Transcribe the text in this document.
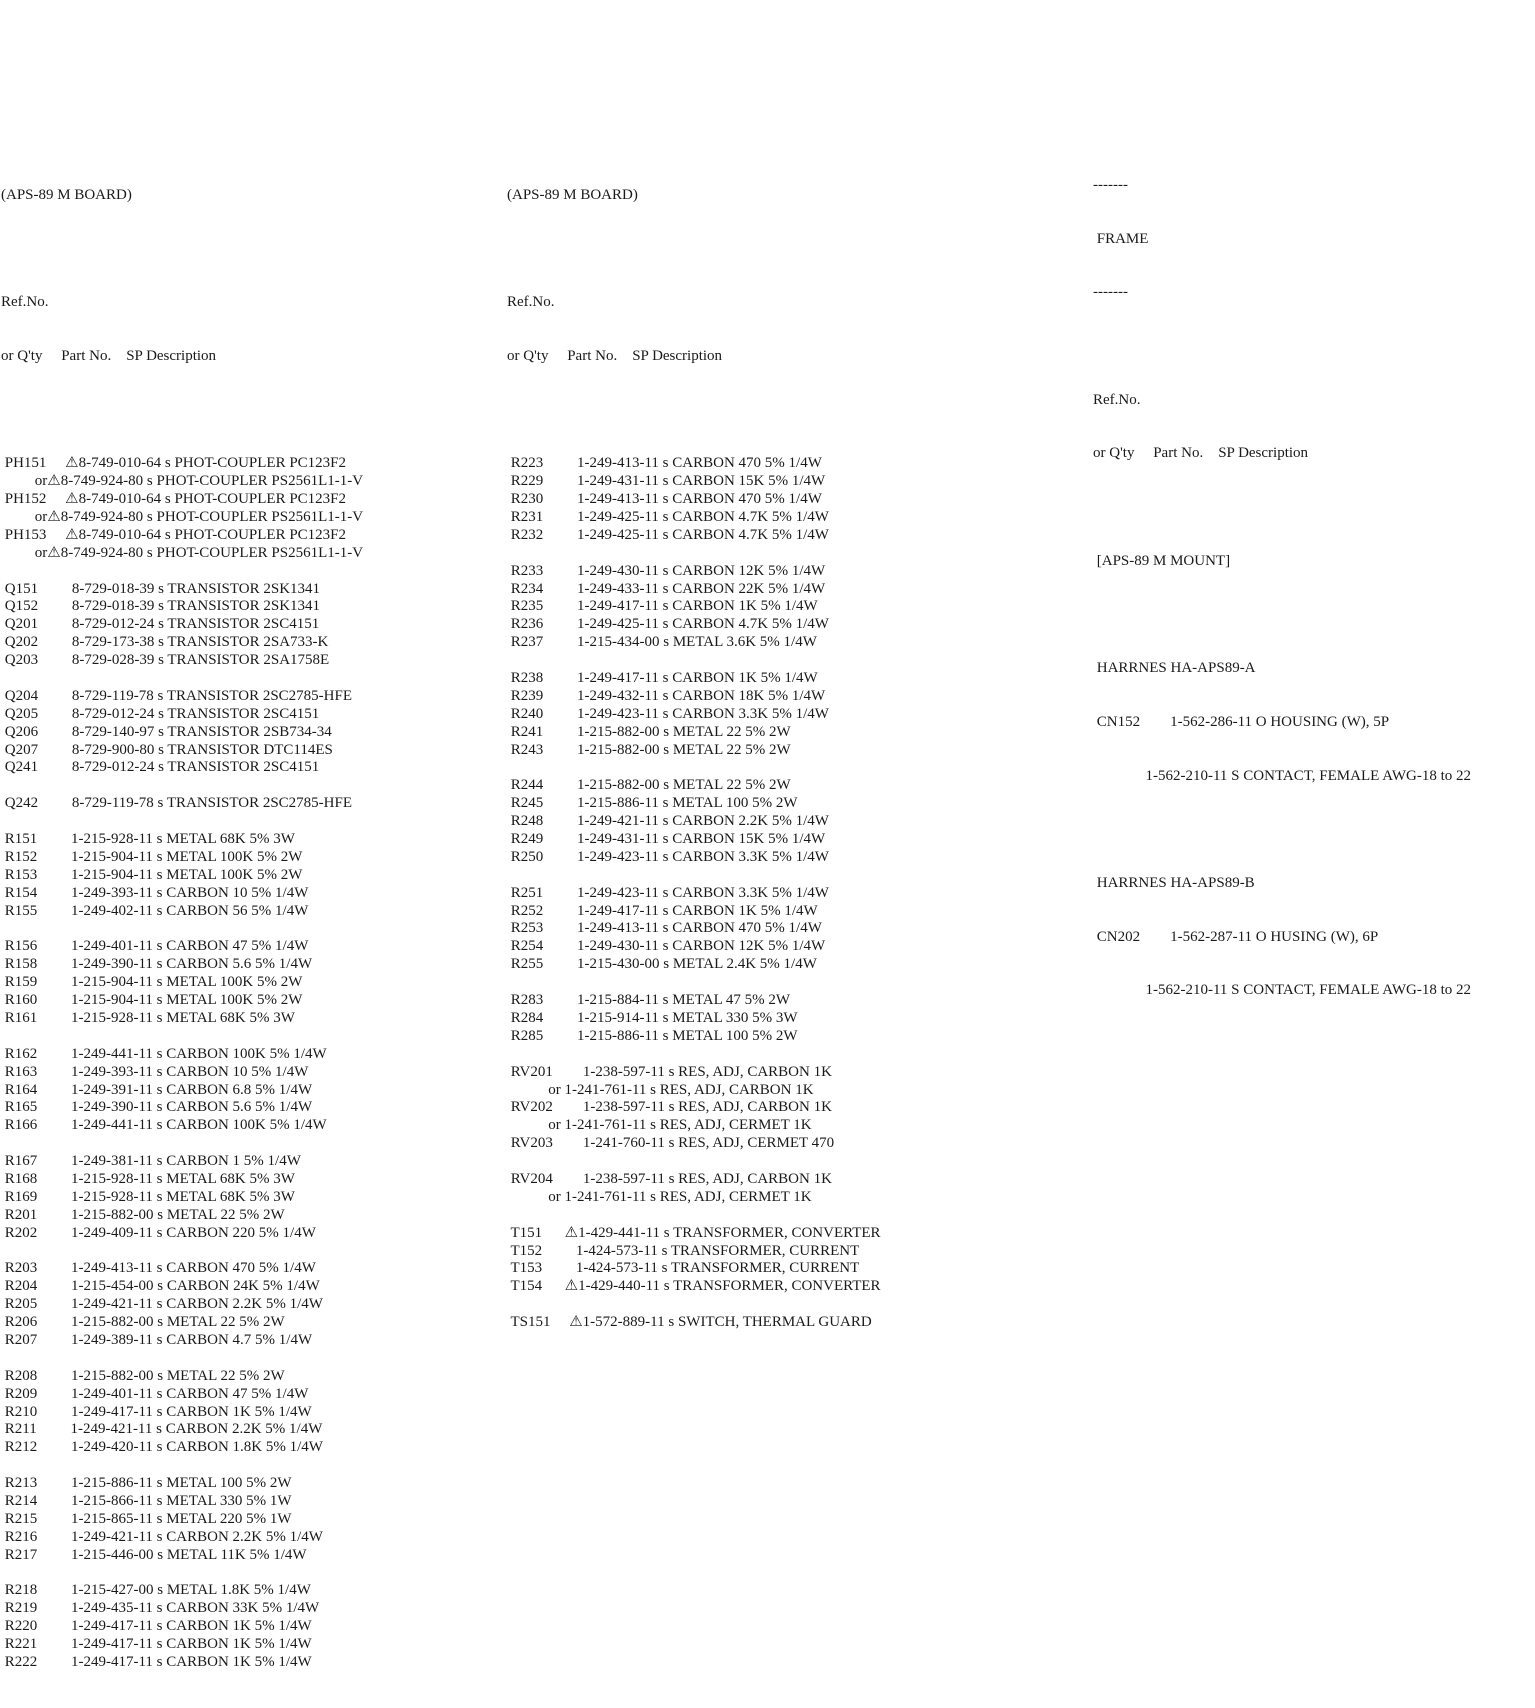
(APS-89 M BOARD)

Ref.No.

or Q'ty     Part No.    SP Description

PH151     ⚠8-749-010-64 s PHOT-COUPLER PC123F2
or⚠8-749-924-80 s PHOT-COUPLER PS2561L1-1-V
PH152     ⚠8-749-010-64 s PHOT-COUPLER PC123F2
or⚠8-749-924-80 s PHOT-COUPLER PS2561L1-1-V
PH153     ⚠8-749-010-64 s PHOT-COUPLER PC123F2
or⚠8-749-924-80 s PHOT-COUPLER PS2561L1-1-V
Q151         8-729-018-39 s TRANSISTOR 2SK1341
Q152         8-729-018-39 s TRANSISTOR 2SK1341
Q201         8-729-012-24 s TRANSISTOR 2SC4151
Q202         8-729-173-38 s TRANSISTOR 2SA733-K
Q203         8-729-028-39 s TRANSISTOR 2SA1758E
Q204         8-729-119-78 s TRANSISTOR 2SC2785-HFE
Q205         8-729-012-24 s TRANSISTOR 2SC4151
Q206         8-729-140-97 s TRANSISTOR 2SB734-34
Q207         8-729-900-80 s TRANSISTOR DTC114ES
Q241         8-729-012-24 s TRANSISTOR 2SC4151
Q242         8-729-119-78 s TRANSISTOR 2SC2785-HFE
R151         1-215-928-11 s METAL 68K 5% 3W
R152         1-215-904-11 s METAL 100K 5% 2W
R153         1-215-904-11 s METAL 100K 5% 2W
R154         1-249-393-11 s CARBON 10 5% 1/4W
R155         1-249-402-11 s CARBON 56 5% 1/4W
R156         1-249-401-11 s CARBON 47 5% 1/4W
R158         1-249-390-11 s CARBON 5.6 5% 1/4W
R159         1-215-904-11 s METAL 100K 5% 2W
R160         1-215-904-11 s METAL 100K 5% 2W
R161         1-215-928-11 s METAL 68K 5% 3W
R162         1-249-441-11 s CARBON 100K 5% 1/4W
R163         1-249-393-11 s CARBON 10 5% 1/4W
R164         1-249-391-11 s CARBON 6.8 5% 1/4W
R165         1-249-390-11 s CARBON 5.6 5% 1/4W
R166         1-249-441-11 s CARBON 100K 5% 1/4W
R167         1-249-381-11 s CARBON 1 5% 1/4W
R168         1-215-928-11 s METAL 68K 5% 3W
R169         1-215-928-11 s METAL 68K 5% 3W
R201         1-215-882-00 s METAL 22 5% 2W
R202         1-249-409-11 s CARBON 220 5% 1/4W
R203         1-249-413-11 s CARBON 470 5% 1/4W
R204         1-215-454-00 s CARBON 24K 5% 1/4W
R205         1-249-421-11 s CARBON 2.2K 5% 1/4W
R206         1-215-882-00 s METAL 22 5% 2W
R207         1-249-389-11 s CARBON 4.7 5% 1/4W
R208         1-215-882-00 s METAL 22 5% 2W
R209         1-249-401-11 s CARBON 47 5% 1/4W
R210         1-249-417-11 s CARBON 1K 5% 1/4W
R211         1-249-421-11 s CARBON 2.2K 5% 1/4W
R212         1-249-420-11 s CARBON 1.8K 5% 1/4W
R213         1-215-886-11 s METAL 100 5% 2W
R214         1-215-866-11 s METAL 330 5% 1W
R215         1-215-865-11 s METAL 220 5% 1W
R216         1-249-421-11 s CARBON 2.2K 5% 1/4W
R217         1-215-446-00 s METAL 11K 5% 1/4W
R218         1-215-427-00 s METAL 1.8K 5% 1/4W
R219         1-249-435-11 s CARBON 33K 5% 1/4W
R220         1-249-417-11 s CARBON 1K 5% 1/4W
R221         1-249-417-11 s CARBON 1K 5% 1/4W
R222         1-249-417-11 s CARBON 1K 5% 1/4W

(APS-89 M BOARD)

Ref.No.

or Q'ty     Part No.    SP Description

R223         1-249-413-11 s CARBON 470 5% 1/4W
R229         1-249-431-11 s CARBON 15K 5% 1/4W
R230         1-249-413-11 s CARBON 470 5% 1/4W
R231         1-249-425-11 s CARBON 4.7K 5% 1/4W
R232         1-249-425-11 s CARBON 4.7K 5% 1/4W
R233         1-249-430-11 s CARBON 12K 5% 1/4W
R234         1-249-433-11 s CARBON 22K 5% 1/4W
R235         1-249-417-11 s CARBON 1K 5% 1/4W
R236         1-249-425-11 s CARBON 4.7K 5% 1/4W
R237         1-215-434-00 s METAL 3.6K 5% 1/4W
R238         1-249-417-11 s CARBON 1K 5% 1/4W
R239         1-249-432-11 s CARBON 18K 5% 1/4W
R240         1-249-423-11 s CARBON 3.3K 5% 1/4W
R241         1-215-882-00 s METAL 22 5% 2W
R243         1-215-882-00 s METAL 22 5% 2W
R244         1-215-882-00 s METAL 22 5% 2W
R245         1-215-886-11 s METAL 100 5% 2W
R248         1-249-421-11 s CARBON 2.2K 5% 1/4W
R249         1-249-431-11 s CARBON 15K 5% 1/4W
R250         1-249-423-11 s CARBON 3.3K 5% 1/4W
R251         1-249-423-11 s CARBON 3.3K 5% 1/4W
R252         1-249-417-11 s CARBON 1K 5% 1/4W
R253         1-249-413-11 s CARBON 470 5% 1/4W
R254         1-249-430-11 s CARBON 12K 5% 1/4W
R255         1-215-430-00 s METAL 2.4K 5% 1/4W
R283         1-215-884-11 s METAL 47 5% 2W
R284         1-215-914-11 s METAL 330 5% 3W
R285         1-215-886-11 s METAL 100 5% 2W
RV201        1-238-597-11 s RES, ADJ, CARBON 1K
or 1-241-761-11 s RES, ADJ, CARBON 1K
RV202        1-238-597-11 s RES, ADJ, CARBON 1K
or 1-241-761-11 s RES, ADJ, CERMET 1K
RV203        1-241-760-11 s RES, ADJ, CERMET 470
RV204        1-238-597-11 s RES, ADJ, CARBON 1K
or 1-241-761-11 s RES, ADJ, CERMET 1K
T151      ⚠1-429-441-11 s TRANSFORMER, CONVERTER
T152         1-424-573-11 s TRANSFORMER, CURRENT
T153         1-424-573-11 s TRANSFORMER, CURRENT
T154      ⚠1-429-440-11 s TRANSFORMER, CONVERTER
TS151     ⚠1-572-889-11 s SWITCH, THERMAL GUARD

-------

FRAME

-------

Ref.No.

or Q'ty     Part No.    SP Description

[APS-89 M MOUNT]

HARRNES HA-APS89-A

CN152        1-562-286-11 O HOUSING (W), 5P

1-562-210-11 S CONTACT, FEMALE AWG-18 to 22

HARRNES HA-APS89-B

CN202        1-562-287-11 O HUSING (W), 6P

1-562-210-11 S CONTACT, FEMALE AWG-18 to 22
